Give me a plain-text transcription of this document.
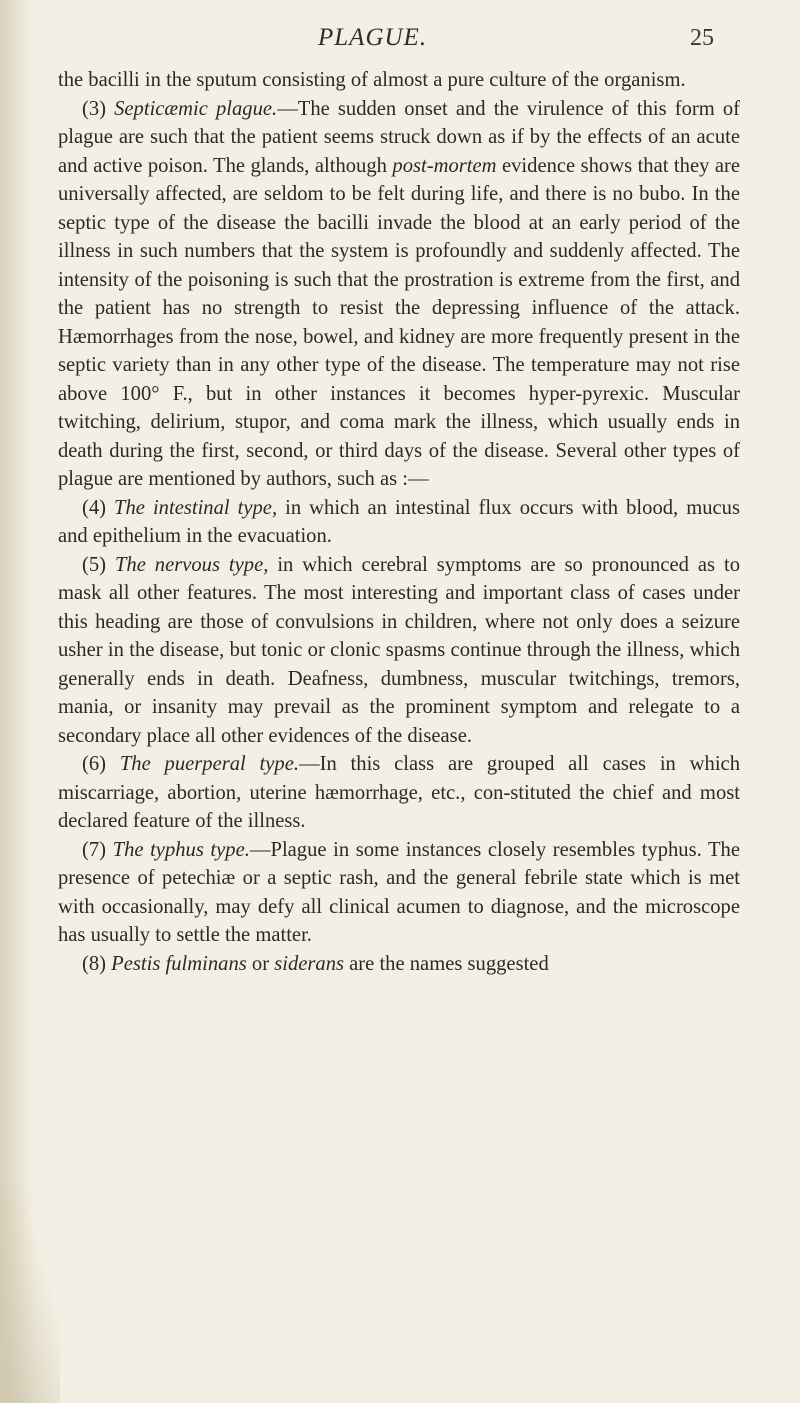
PLAGUE.	25

the bacilli in the sputum consisting of almost a pure culture of the organism.

(3) Septicæmic plague.—The sudden onset and the virulence of this form of plague are such that the patient seems struck down as if by the effects of an acute and active poison. The glands, although post-mortem evidence shows that they are universally affected, are seldom to be felt during life, and there is no bubo. In the septic type of the disease the bacilli invade the blood at an early period of the illness in such numbers that the system is profoundly and suddenly affected. The intensity of the poisoning is such that the prostration is extreme from the first, and the patient has no strength to resist the depressing influence of the attack. Hæmorrhages from the nose, bowel, and kidney are more frequently present in the septic variety than in any other type of the disease. The temperature may not rise above 100° F., but in other instances it becomes hyper-pyrexic. Muscular twitching, delirium, stupor, and coma mark the illness, which usually ends in death during the first, second, or third days of the disease. Several other types of plague are mentioned by authors, such as :—

(4) The intestinal type, in which an intestinal flux occurs with blood, mucus and epithelium in the evacuation.

(5) The nervous type, in which cerebral symptoms are so pronounced as to mask all other features. The most interesting and important class of cases under this heading are those of convulsions in children, where not only does a seizure usher in the disease, but tonic or clonic spasms continue through the illness, which generally ends in death. Deafness, dumbness, muscular twitchings, tremors, mania, or insanity may prevail as the prominent symptom and relegate to a secondary place all other evidences of the disease.

(6) The puerperal type.—In this class are grouped all cases in which miscarriage, abortion, uterine hæmorrhage, etc., con-stituted the chief and most declared feature of the illness.

(7) The typhus type.—Plague in some instances closely resembles typhus. The presence of petechiæ or a septic rash, and the general febrile state which is met with occasionally, may defy all clinical acumen to diagnose, and the microscope has usually to settle the matter.

(8) Pestis fulminans or siderans are the names suggested
